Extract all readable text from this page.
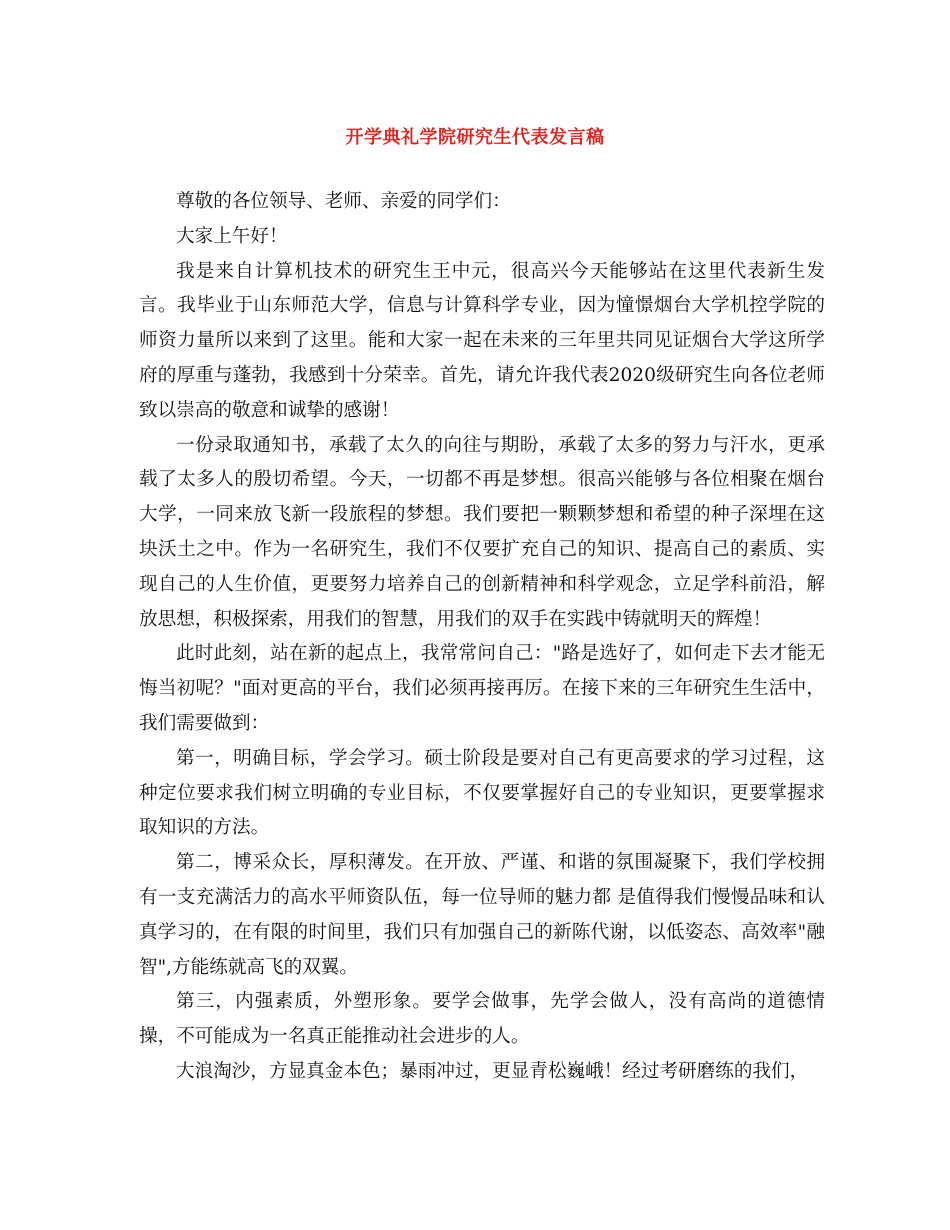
开学典礼学院研究生代表发言稿

尊敬的各位领导、老师、亲爱的同学们：

大家上午好！

我是来自计算机技术的研究生王中元，很高兴今天能够站在这里代表新生发言。我毕业于山东师范大学，信息与计算科学专业，因为憧憬烟台大学机控学院的师资力量所以来到了这里。能和大家一起在未来的三年里共同见证烟台大学这所学府的厚重与蓬勃，我感到十分荣幸。首先，请允许我代表2020级研究生向各位老师致以崇高的敬意和诚挚的感谢！

一份录取通知书，承载了太久的向往与期盼，承载了太多的努力与汗水，更承载了太多人的殷切希望。今天，一切都不再是梦想。很高兴能够与各位相聚在烟台大学，一同来放飞新一段旅程的梦想。我们要把一颗颗梦想和希望的种子深埋在这块沃土之中。作为一名研究生，我们不仅要扩充自己的知识、提高自己的素质、实现自己的人生价值，更要努力培养自己的创新精神和科学观念，立足学科前沿，解放思想，积极探索，用我们的智慧，用我们的双手在实践中铸就明天的辉煌！

此时此刻，站在新的起点上，我常常问自己："路是选好了，如何走下去才能无悔当初呢？"面对更高的平台，我们必须再接再厉。在接下来的三年研究生生活中，我们需要做到：

第一，明确目标，学会学习。硕士阶段是要对自己有更高要求的学习过程，这种定位要求我们树立明确的专业目标，不仅要掌握好自己的专业知识，更要掌握求取知识的方法。

第二，博采众长，厚积薄发。在开放、严谨、和谐的氛围凝聚下，我们学校拥有一支充满活力的高水平师资队伍，每一位导师的魅力都 是值得我们慢慢品味和认真学习的，在有限的时间里，我们只有加强自己的新陈代谢，以低姿态、高效率"融智",方能练就高飞的双翼。

第三，内强素质，外塑形象。要学会做事，先学会做人，没有高尚的道德情操，不可能成为一名真正能推动社会进步的人。

大浪淘沙，方显真金本色；暴雨冲过，更显青松巍峨！经过考研磨练的我们，
